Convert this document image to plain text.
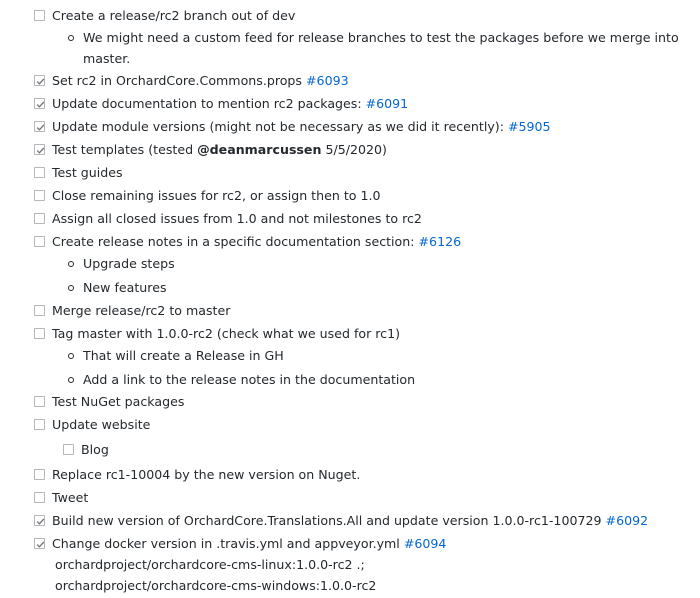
Create a release/rc2 branch out of dev
We might need a custom feed for release branches to test the packages before we merge into
master.
Set rc2 in OrchardCore.Commons.props #6093
Update documentation to mention rc2 packages: #6091
Update module versions (might not be necessary as we did it recently): #5905
Test templates (tested @deanmarcussen 5/5/2020)
Test guides
Close remaining issues for rc2, or assign then to 1.0
Assign all closed issues from 1.0 and not milestones to rc2
Create release notes in a specific documentation section: #6126
Upgrade steps
New features
Merge release/rc2 to master
Tag master with 1.0.0-rc2 (check what we used for rc1)
That will create a Release in GH
Add a link to the release notes in the documentation
Test NuGet packages
Update website
Blog
Replace rc1-10004 by the new version on Nuget.
Tweet
Build new version of OrchardCore.Translations.All and update version 1.0.0-rc1-100729 #6092
Change docker version in .travis.yml and appveyor.yml #6094
orchardproject/orchardcore-cms-linux:1.0.0-rc2 .;
orchardproject/orchardcore-cms-windows:1.0.0-rc2
